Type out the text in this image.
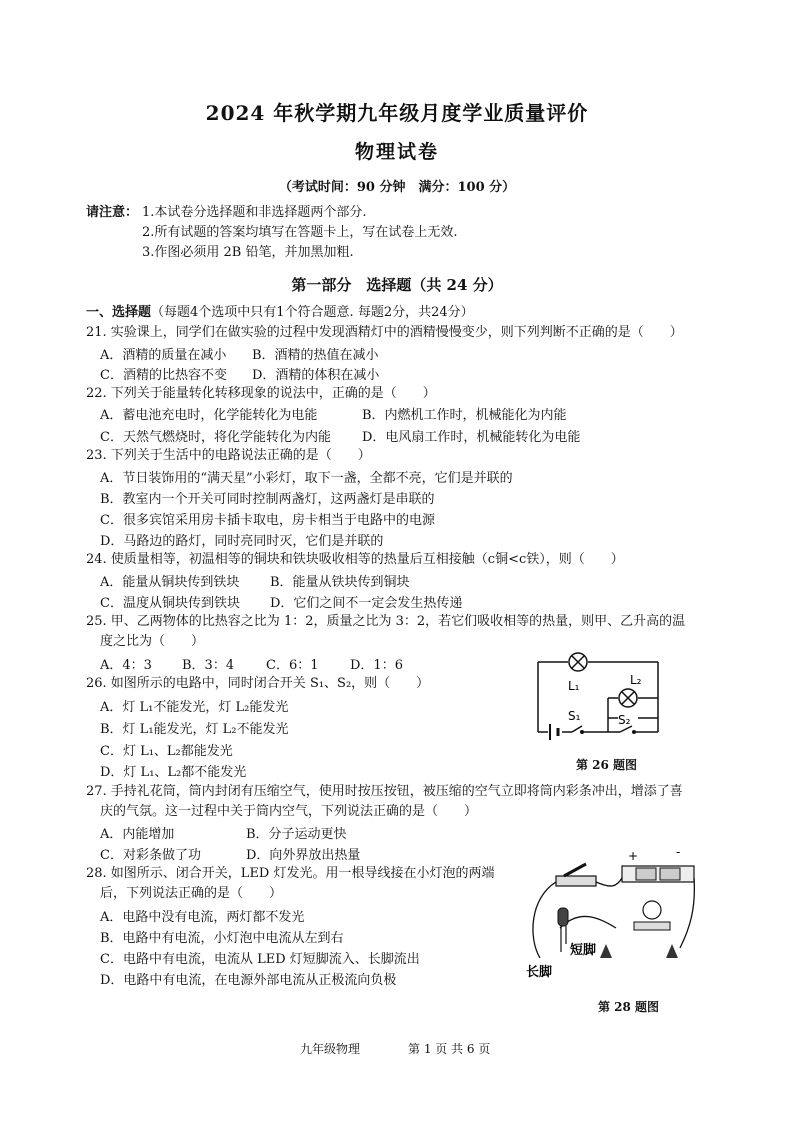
2024 年秋学期九年级月度学业质量评价
物理试卷
（考试时间：90 分钟　满分：100 分）
请注意： 1.本试卷分选择题和非选择题两个部分.
2.所有试题的答案均填写在答题卡上，写在试卷上无效.
3.作图必须用 2B 铅笔，并加黑加粗.
第一部分　选择题（共 24 分）
一、选择题（每题4个选项中只有1个符合题意. 每题2分，共24分）
21. 实验课上，同学们在做实验的过程中发现酒精灯中的酒精慢慢变少，则下列判断不正确的是（　　）
A．酒精的质量在减小 B．酒精的热值在减小
C．酒精的比热容不变 D．酒精的体积在减小
22. 下列关于能量转化转移现象的说法中，正确的是（　　）
A．蓄电池充电时，化学能转化为电能	B．内燃机工作时，机械能化为内能
C．天然气燃烧时，将化学能转化为内能 D．电风扇工作时，机械能转化为电能
23. 下列关于生活中的电路说法正确的是（　　）
A．节日装饰用的“满天星”小彩灯，取下一盏，全都不亮，它们是并联的
B．教室内一个开关可同时控制两盏灯，这两盏灯是串联的
C．很多宾馆采用房卡插卡取电，房卡相当于电路中的电源
D．马路边的路灯，同时亮同时灭，它们是并联的
24. 使质量相等，初温相等的铜块和铁块吸收相等的热量后互相接触（c铜<c铁），则（　　）
A．能量从铜块传到铁块 B．能量从铁块传到铜块
C．温度从铜块传到铁块 D．它们之间不一定会发生热传递
25. 甲、乙两物体的比热容之比为 1：2，质量之比为 3：2，若它们吸收相等的热量，则甲、乙升高的温
度之比为（　　）
A．4：3 B．3：4 C．6：1 D．1：6
26. 如图所示的电路中，同时闭合开关 S₁、S₂，则（　　）
A．灯 L₁不能发光，灯 L₂能发光
B．灯 L₁能发光，灯 L₂不能发光
C．灯 L₁、L₂都能发光
D．灯 L₁、L₂都不能发光
L₁	L₂
S₁	S₂
第 26 题图
27. 手持礼花筒，筒内封闭有压缩空气，使用时按压按钮，被压缩的空气立即将筒内彩条冲出，增添了喜
庆的气氛。这一过程中关于筒内空气，下列说法正确的是（　　）
A．内能增加	B．分子运动更快
C．对彩条做了功	D．向外界放出热量
28. 如图所示、闭合开关，LED 灯发光。用一根导线接在小灯泡的两端
后，下列说法正确的是（　　）
A．电路中没有电流，两灯都不发光
B．电路中有电流，小灯泡中电流从左到右
C．电路中有电流，电流从 LED 灯短脚流入、长脚流出
D．电路中有电流，在电源外部电流从正极流向负极
+	-
短脚
长脚
第 28 题图
九年级物理	第 1 页 共 6 页
